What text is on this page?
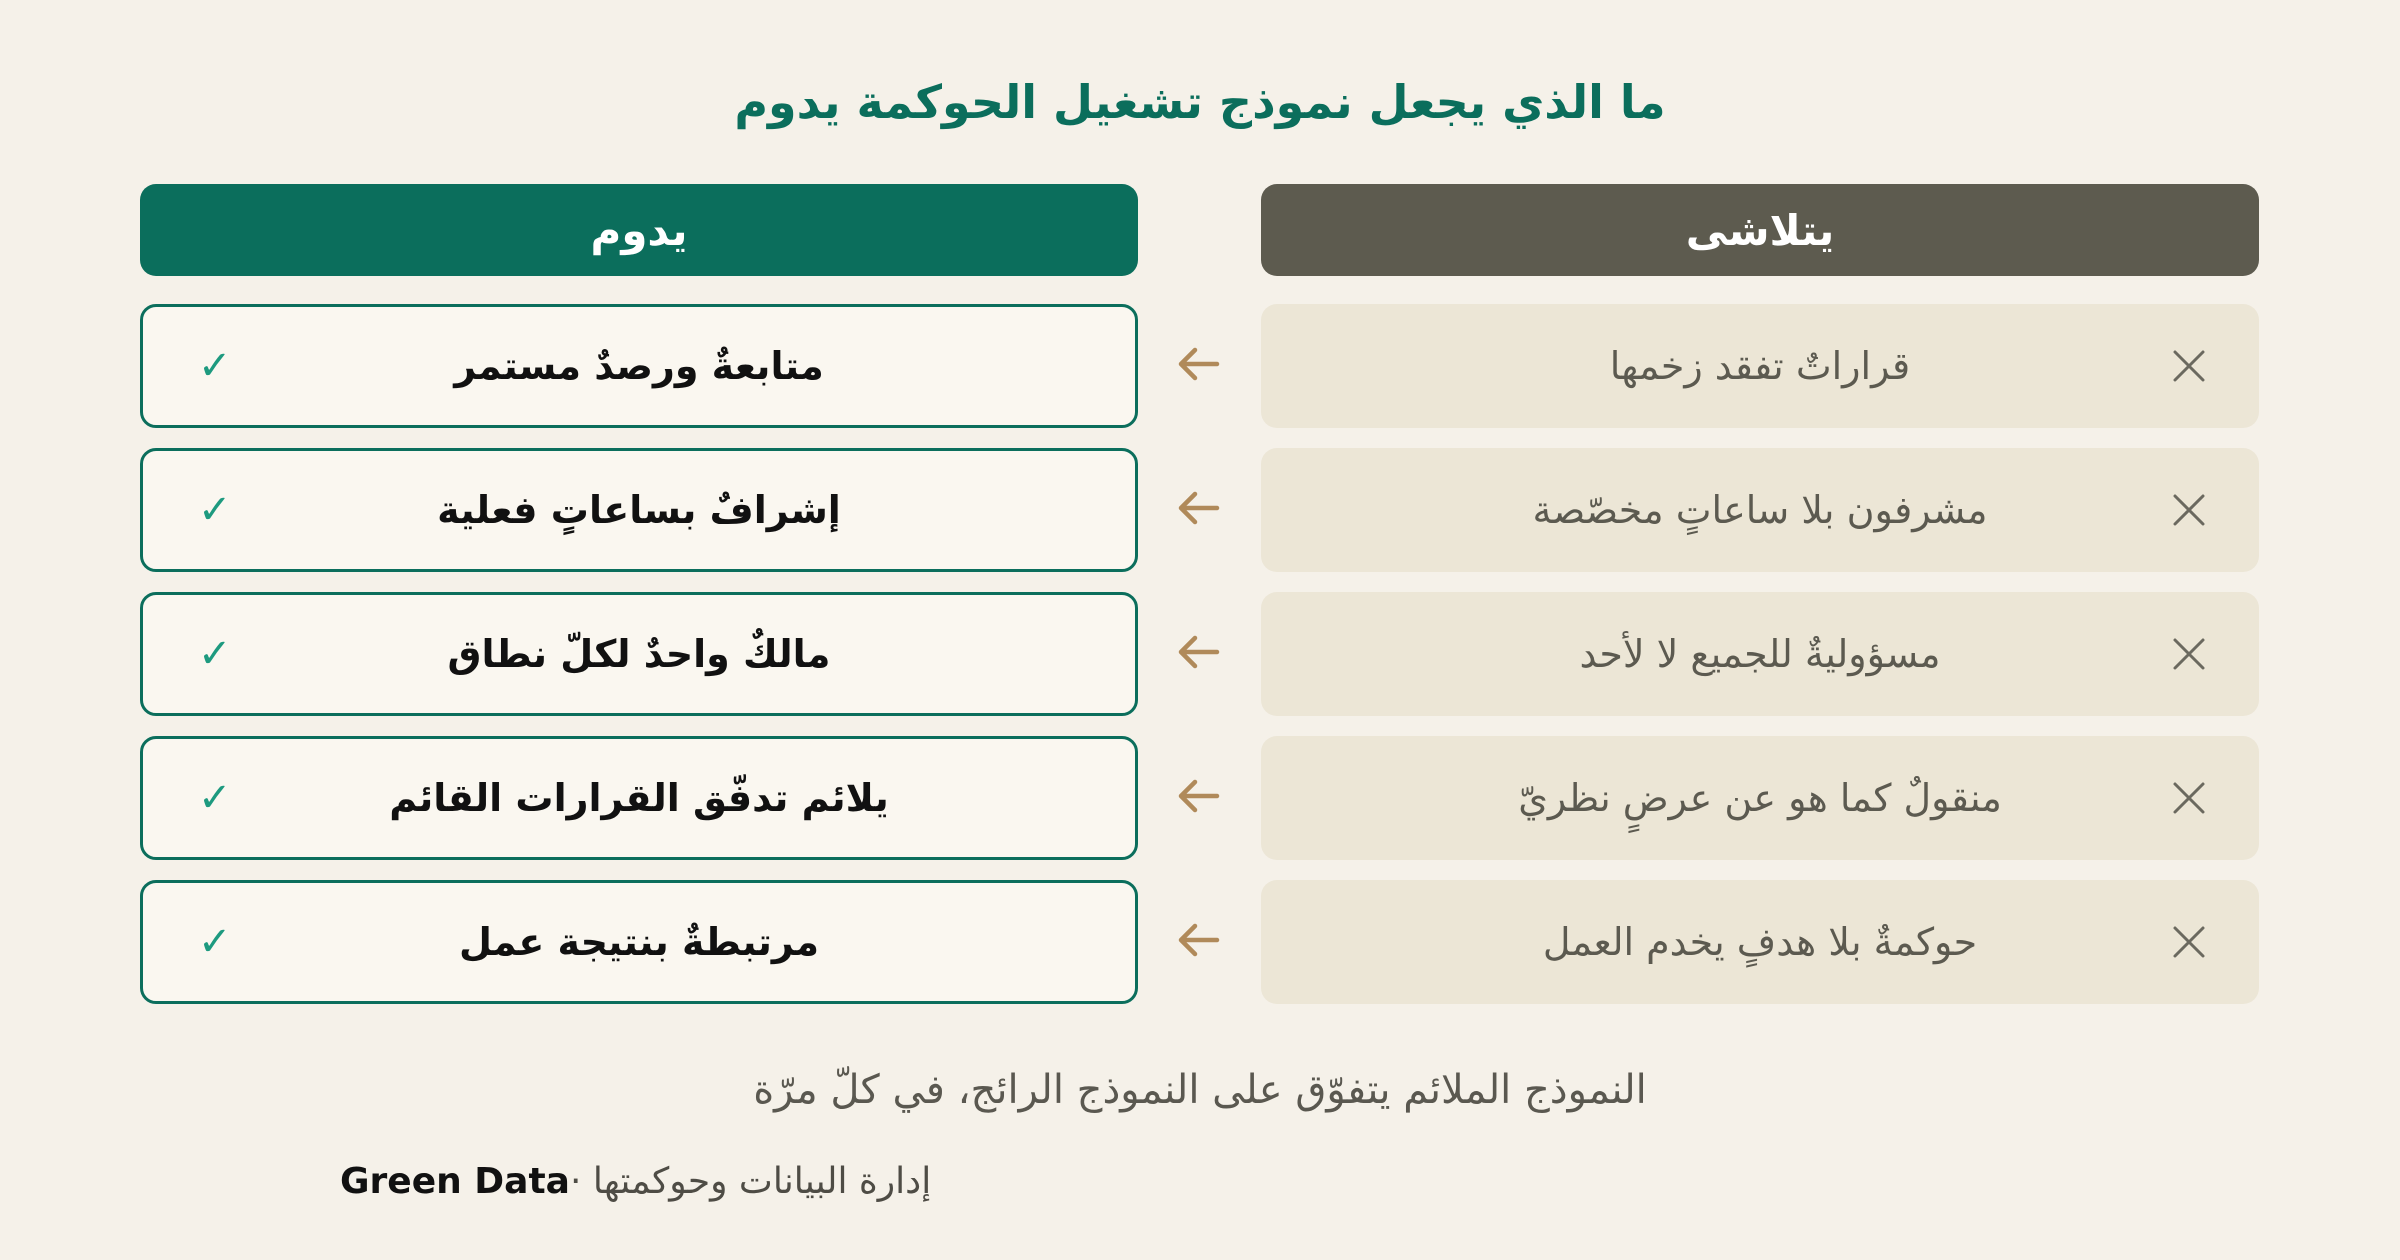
ما الذي يجعل نموذج تشغيل الحوكمة يدوم
يتلاشى
يدوم
قراراتٌ تفقد زخمها
متابعةٌ ورصدٌ مستمر
✓
مشرفون بلا ساعاتٍ مخصّصة
إشرافٌ بساعاتٍ فعلية
✓
مسؤوليةٌ للجميع لا لأحد
مالكٌ واحدٌ لكلّ نطاق
✓
منقولٌ كما هو عن عرضٍ نظريّ
يلائم تدفّق القرارات القائم
✓
حوكمةٌ بلا هدفٍ يخدم العمل
مرتبطةٌ بنتيجة عمل
✓
النموذج الملائم يتفوّق على النموذج الرائج، في كلّ مرّة
إدارة البيانات وحوكمتها ·Green Data
